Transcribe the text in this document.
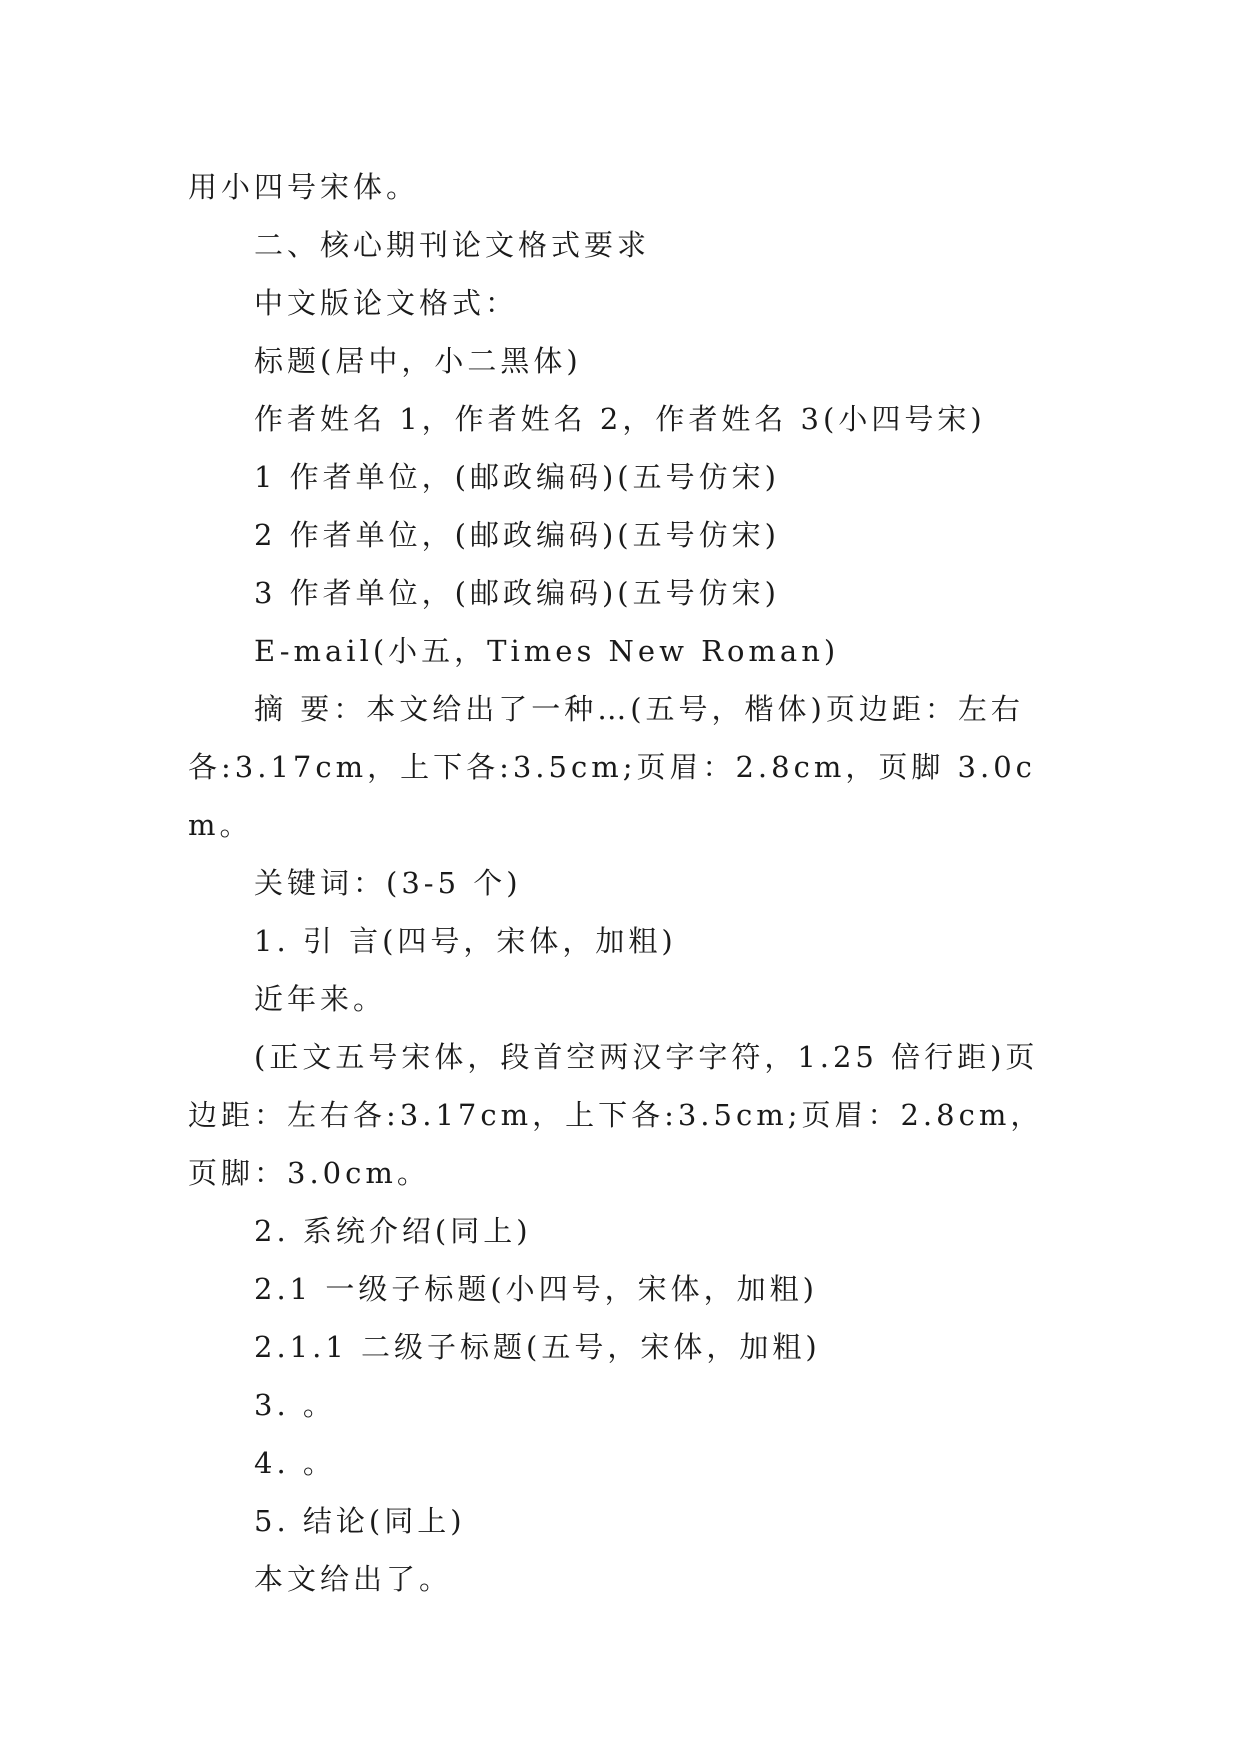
用小四号宋体。

二、核心期刊论文格式要求

中文版论文格式：

标题(居中，小二黑体)

作者姓名 1，作者姓名 2，作者姓名 3(小四号宋)

1 作者单位，(邮政编码)(五号仿宋)

2 作者单位，(邮政编码)(五号仿宋)

3 作者单位，(邮政编码)(五号仿宋)

E-mail(小五，Times New Roman)

摘 要：本文给出了一种…(五号，楷体)页边距：左右各:3.17cm，上下各:3.5cm;页眉：2.8cm，页脚 3.0cm。

关键词：(3-5 个)

1. 引 言(四号，宋体，加粗)

近年来。

(正文五号宋体，段首空两汉字字符，1.25 倍行距)页边距：左右各:3.17cm，上下各:3.5cm;页眉：2.8cm，页脚：3.0cm。

2. 系统介绍(同上)

2.1 一级子标题(小四号，宋体，加粗)

2.1.1 二级子标题(五号，宋体，加粗)

3. 。

4. 。

5. 结论(同上)

本文给出了。
